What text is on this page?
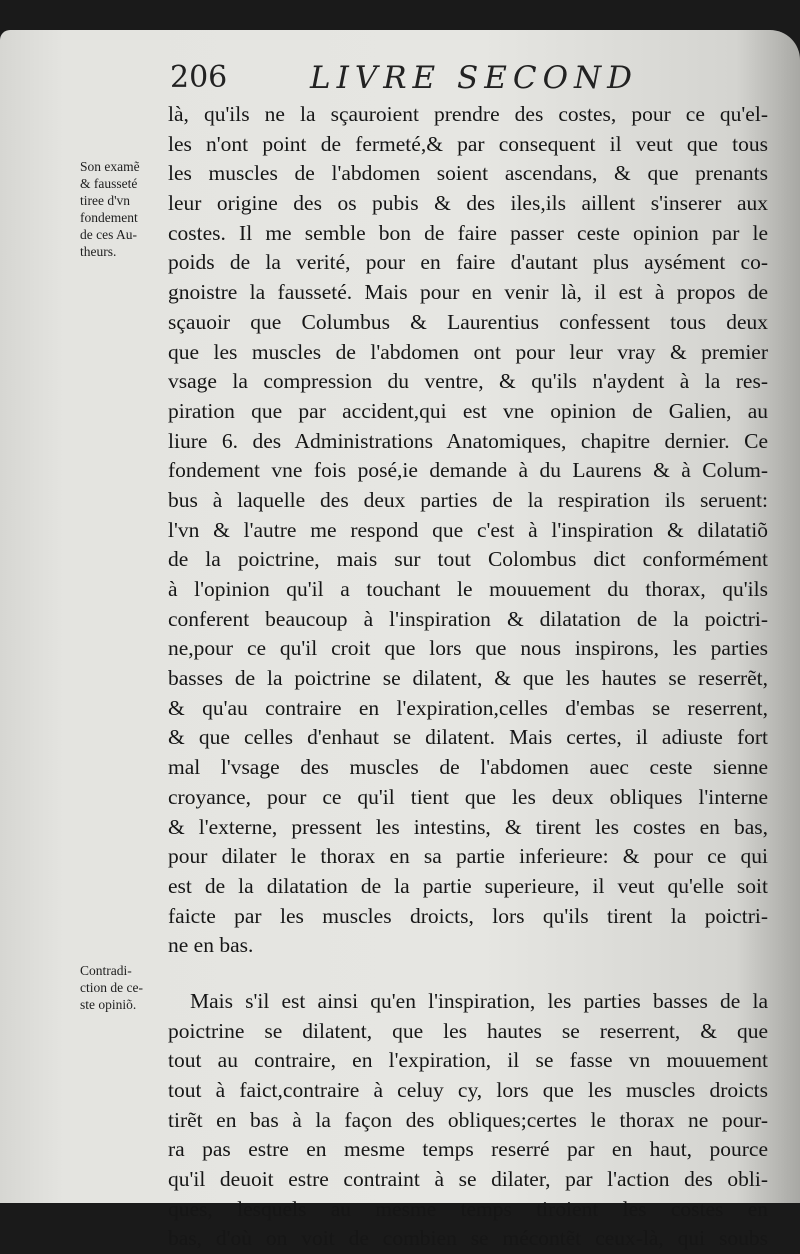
206	LIVRE SECOND
Son examẽ
& fausseté
tiree d'vn
fondement
de ces Au-
theurs.
Contradi-
ction de ce-
ste opiniõ.
là, qu'ils ne la sçauroient prendre des costes, pour ce qu'el-
les n'ont point de fermeté,& par consequent il veut que tous
les muscles de l'abdomen soient ascendans, & que prenants
leur origine des os pubis & des iles,ils aillent s'inserer aux
costes. Il me semble bon de faire passer ceste opinion par le
poids de la verité, pour en faire d'autant plus aysément co-
gnoistre la fausseté. Mais pour en venir là, il est à propos de
sçauoir que Columbus & Laurentius confessent tous deux
que les muscles de l'abdomen ont pour leur vray & premier
vsage la compression du ventre, & qu'ils n'aydent à la res-
piration que par accident,qui est vne opinion de Galien, au
liure 6. des Administrations Anatomiques, chapitre dernier. Ce
fondement vne fois posé,ie demande à du Laurens & à Colum-
bus à laquelle des deux parties de la respiration ils seruent:
l'vn & l'autre me respond que c'est à l'inspiration & dilatatiõ
de la poictrine, mais sur tout Colombus dict conformément
à l'opinion qu'il a touchant le mouuement du thorax, qu'ils
conferent beaucoup à l'inspiration & dilatation de la poictri-
ne,pour ce qu'il croit que lors que nous inspirons, les parties
basses de la poictrine se dilatent, & que les hautes se reserrẽt,
& qu'au contraire en l'expiration,celles d'embas se reserrent,
& que celles d'enhaut se dilatent. Mais certes, il adiuste fort
mal l'vsage des muscles de l'abdomen auec ceste sienne
croyance, pour ce qu'il tient que les deux obliques l'interne
& l'externe, pressent les intestins, & tirent les costes en bas,
pour dilater le thorax en sa partie inferieure: & pour ce qui
est de la dilatation de la partie superieure, il veut qu'elle soit
faicte par les muscles droicts, lors qu'ils tirent la poictri-
ne en bas.
Mais s'il est ainsi qu'en l'inspiration, les parties basses de la
poictrine se dilatent, que les hautes se reserrent, & que
tout au contraire, en l'expiration, il se fasse vn mouuement
tout à faict,contraire à celuy cy, lors que les muscles droicts
tirẽt en bas à la façon des obliques;certes le thorax ne pour-
ra pas estre en mesme temps reserré par en haut, pource
qu'il deuoit estre contraint à se dilater, par l'action des obli-
ques, lesquels au mesme temps tiroient les costes en
bas, d'où on voit de combien se mécontẽt ceux-là, qui soubs
